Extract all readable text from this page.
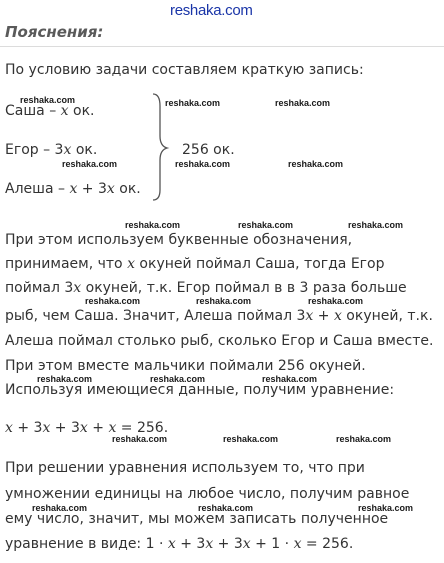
reshaka.com
Пояснения:
По условию задачи составляем краткую запись:
Саша – x ок.
Егор – 3x ок.
Алеша – x + 3x ок.
256 ок.
При этом используем буквенные обозначения,
принимаем, что x окуней поймал Саша, тогда Егор
поймал 3x окуней, т.к. Егор поймал в в 3 раза больше
рыб, чем Саша. Значит, Алеша поймал 3x + x окуней, т.к.
Алеша поймал столько рыб, сколько Егор и Саша вместе.
При этом вместе мальчики поймали 256 окуней.
Используя имеющиеся данные, получим уравнение:
x + 3x + 3x + x = 256.
При решении уравнения используем то, что при
умножении единицы на любое число, получим равное
ему число, значит, мы можем записать полученное
уравнение в виде: 1 · x + 3x + 3x + 1 · x = 256.
reshaka.com	reshaka.com	reshaka.com
reshaka.com	reshaka.com	reshaka.com
reshaka.com	reshaka.com	reshaka.com
reshaka.com	reshaka.com	reshaka.com
reshaka.com	reshaka.com	reshaka.com
reshaka.com	reshaka.com	reshaka.com
reshaka.com	reshaka.com	reshaka.com
